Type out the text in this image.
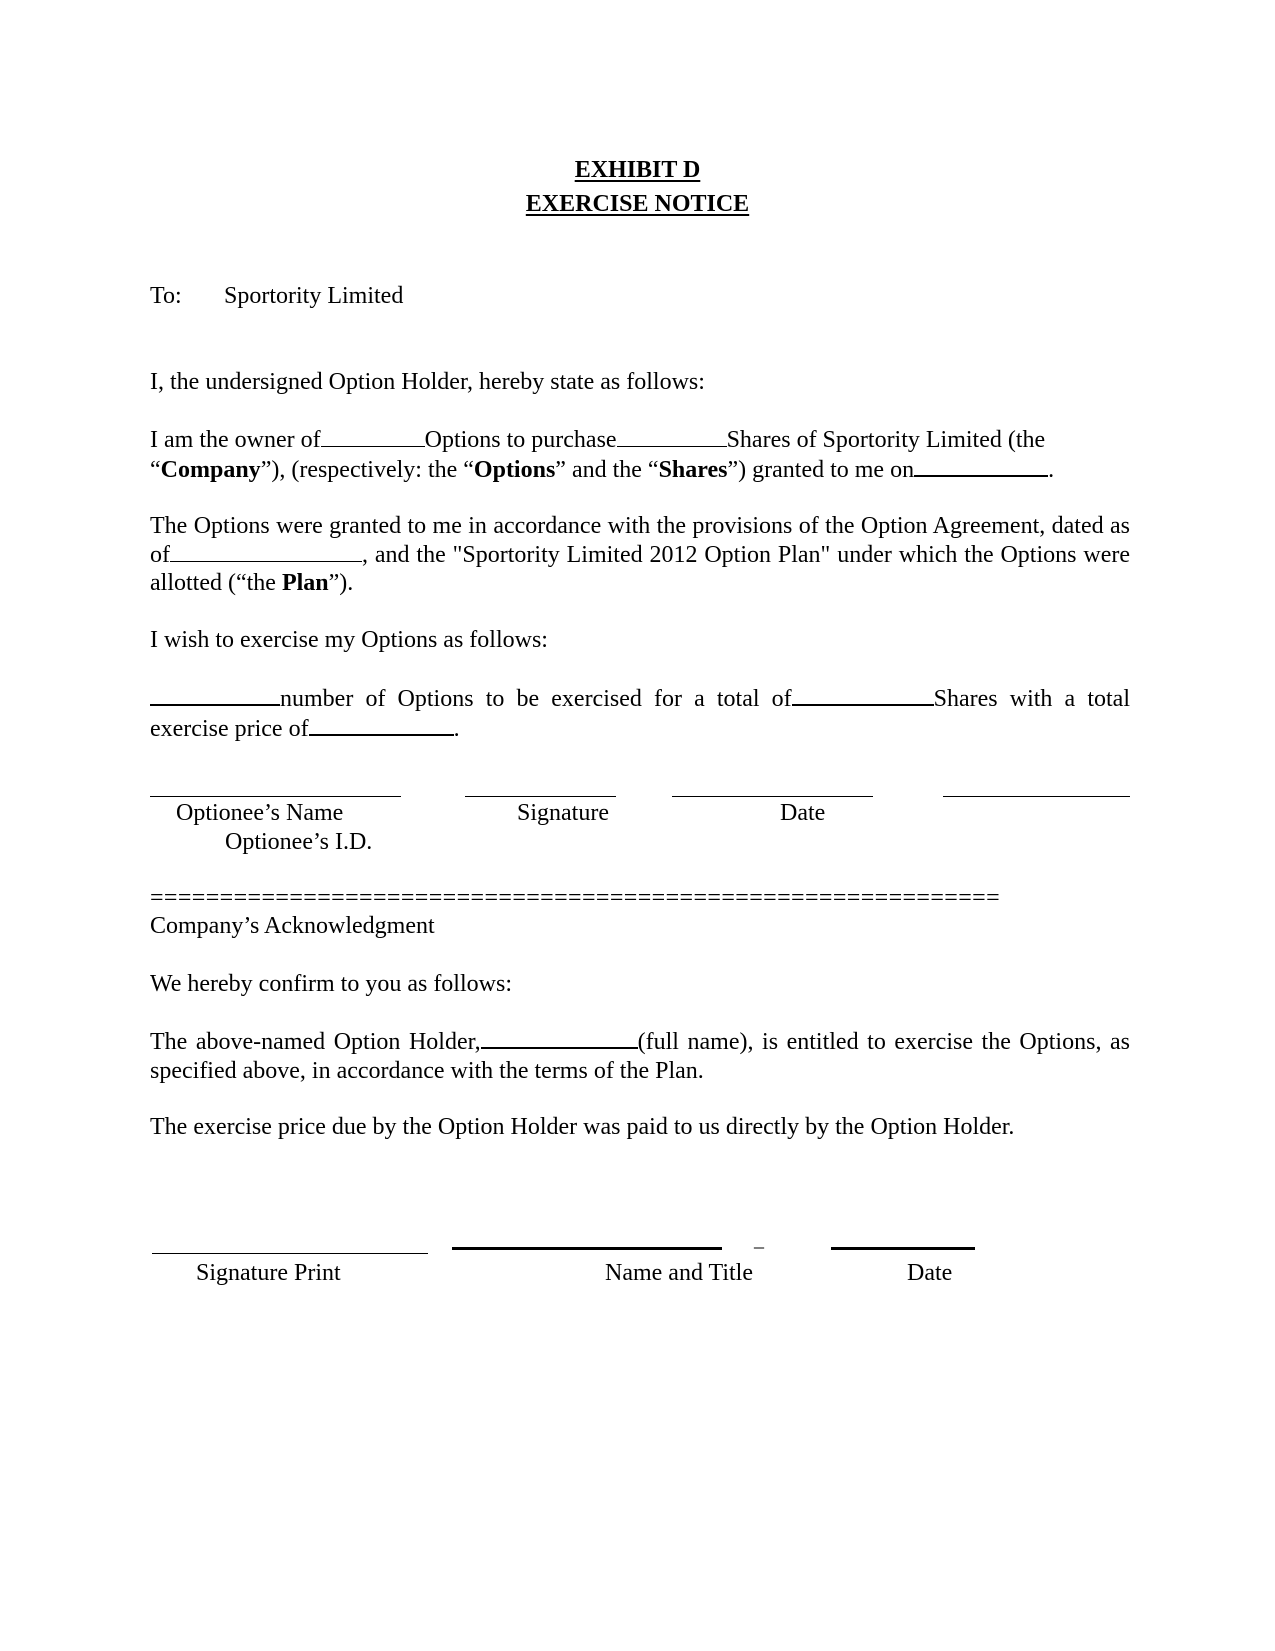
EXHIBIT D
EXERCISE NOTICE
To: Sportority Limited
I, the undersigned Option Holder, hereby state as follows:
I am the owner of	Options to purchase	Shares of Sportority Limited (the
“Company”), (respectively: the “Options” and the “Shares”) granted to me on	.
The Options were granted to me in accordance with the provisions of the Option Agreement, dated as of	, and the "Sportority Limited 2012 Option Plan" under which the Options were allotted (“the Plan”).
I wish to exercise my Options as follows:
number of Options to be exercised for a total of	Shares with a total exercise price of	.
Optionee’s Name	Signature	Date
Optionee’s I.D.
=============================================================
Company’s Acknowledgment
We hereby confirm to you as follows:
The above-named Option Holder,	(full name), is entitled to exercise the Options, as specified above, in accordance with the terms of the Plan.
The exercise price due by the Option Holder was paid to us directly by the Option Holder.
_
Signature Print	Name and Title	Date
